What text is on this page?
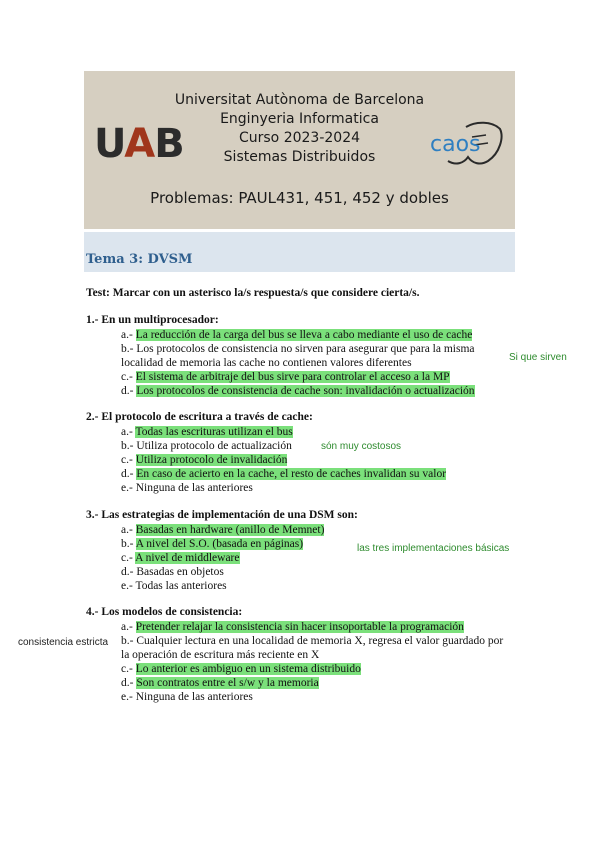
UAB
Universitat Autònoma de Barcelona
Enginyeria Informatica
Curso 2023-2024
Sistemas Distribuidos	caos
Problemas: PAUL431, 451, 452 y dobles
Tema 3: DVSM
Test: Marcar con un asterisco la/s respuesta/s que considere cierta/s.
1.- En un multiprocesador:
a.- La reducción de la carga del bus se lleva a cabo mediante el uso de cache
b.- Los protocolos de consistencia no sirven para asegurar que para la misma localidad de memoria las cache no contienen valores diferentes
c.- El sistema de arbitraje del bus sirve para controlar el acceso a la MP
d.- Los protocolos de consistencia de cache son: invalidación o actualización
Si que sirven
2.- El protocolo de escritura a través de cache:
a.- Todas las escrituras utilizan el bus
b.- Utiliza protocolo de actualización
c.- Utiliza protocolo de invalidación
d.- En caso de acierto en la cache, el resto de caches invalidan su valor
e.- Ninguna de las anteriores
són muy costosos
3.- Las estrategias de implementación de una DSM son:
a.- Basadas en hardware (anillo de Memnet)
b.- A nivel del S.O. (basada en páginas)
c.- A nivel de middleware
d.- Basadas en objetos
e.- Todas las anteriores
las tres implementaciones básicas
4.- Los modelos de consistencia:
a.- Pretender relajar la consistencia sin hacer insoportable la programación
b.- Cualquier lectura en una localidad de memoria X, regresa el valor guardado por la operación de escritura más reciente en X
c.- Lo anterior es ambiguo en un sistema distribuido
d.- Son contratos entre el s/w y la memoria
e.- Ninguna de las anteriores
consistencia estricta
